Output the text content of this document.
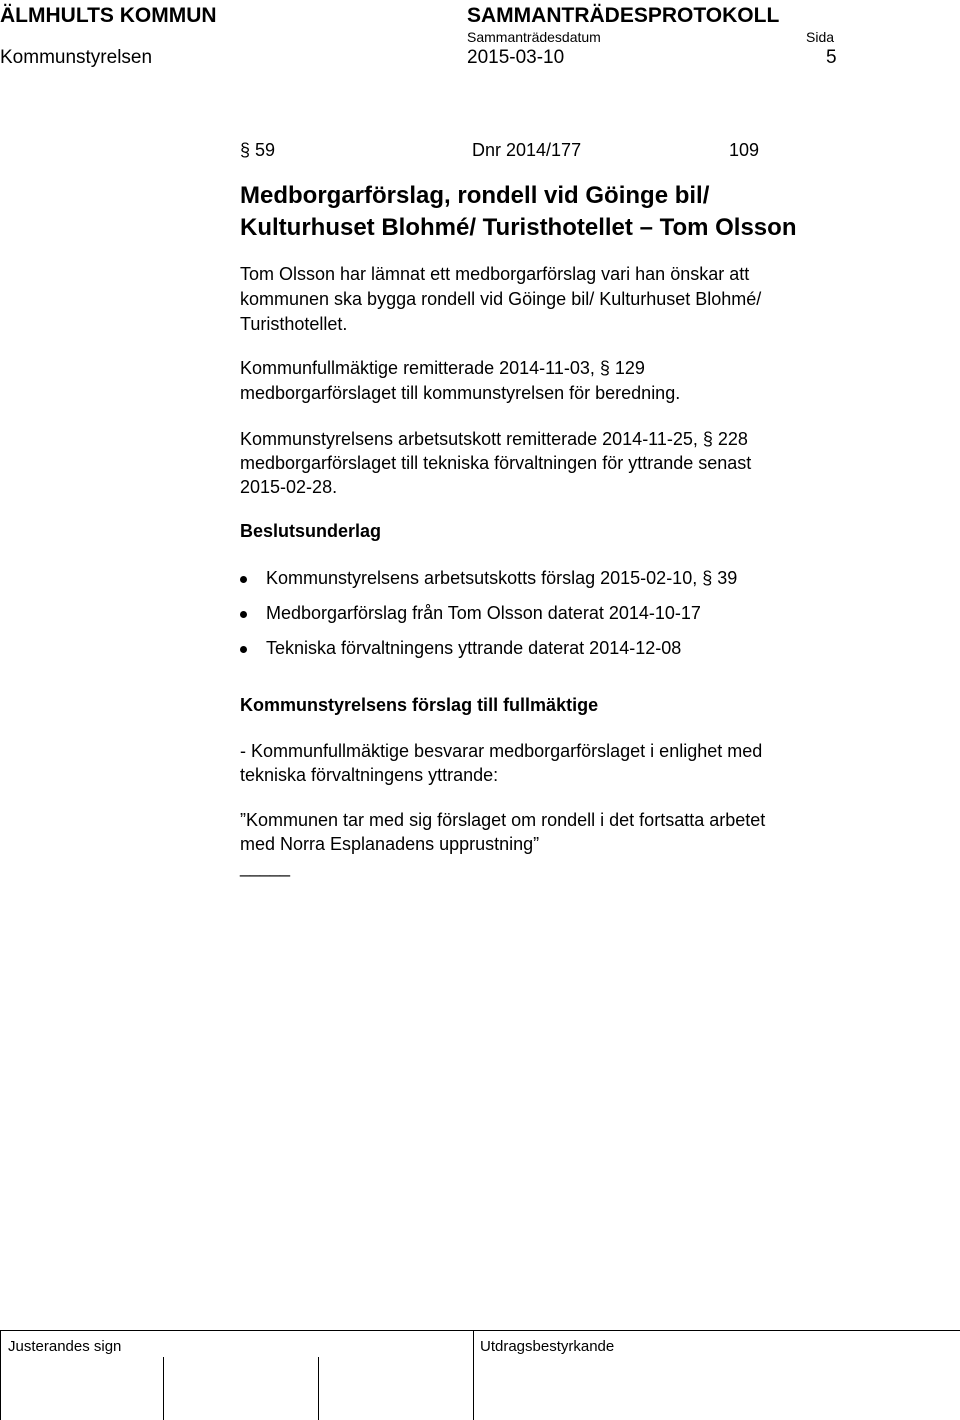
ÄLMHULTS KOMMUN	SAMMANTRÄDESPROTOKOLL
Sammanträdesdatum	Sida
Kommunstyrelsen	2015-03-10	5
§ 59	Dnr 2014/177	109
Medborgarförslag, rondell vid Göinge bil/
Kulturhuset Blohmé/ Turisthotellet – Tom Olsson
Tom Olsson har lämnat ett medborgarförslag vari han önskar att
kommunen ska bygga rondell vid Göinge bil/ Kulturhuset Blohmé/
Turisthotellet.
Kommunfullmäktige remitterade 2014-11-03, § 129
medborgarförslaget till kommunstyrelsen för beredning.
Kommunstyrelsens arbetsutskott remitterade 2014-11-25, § 228
medborgarförslaget till tekniska förvaltningen för yttrande senast
2015-02-28.
Beslutsunderlag
Kommunstyrelsens arbetsutskotts förslag 2015-02-10, § 39
Medborgarförslag från Tom Olsson daterat 2014-10-17
Tekniska förvaltningens yttrande daterat 2014-12-08
Kommunstyrelsens förslag till fullmäktige
- Kommunfullmäktige besvarar medborgarförslaget i enlighet med
tekniska förvaltningens yttrande:
”Kommunen tar med sig förslaget om rondell i det fortsatta arbetet
med Norra Esplanadens upprustning”
_____
Justerandes sign	Utdragsbestyrkande
